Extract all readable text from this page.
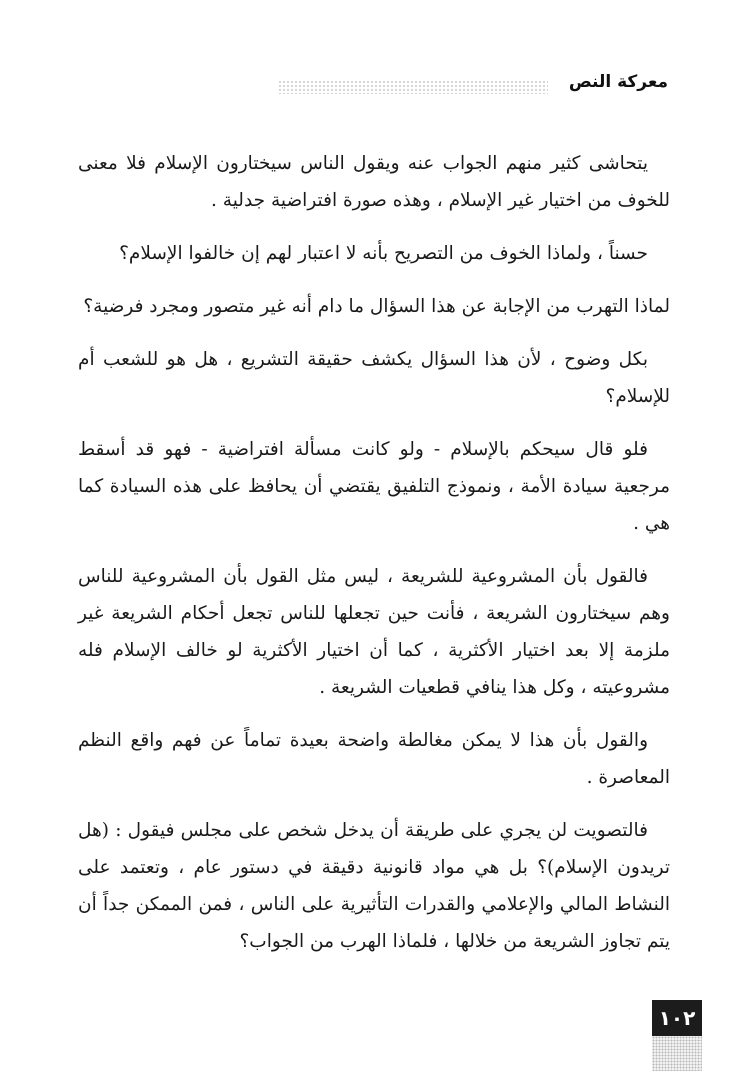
معركة النص

يتحاشى كثير منهم الجواب عنه ويقول الناس سيختارون الإسلام فلا معنى للخوف من اختيار غير الإسلام ، وهذه صورة افتراضية جدلية .

حسناً ، ولماذا الخوف من التصريح بأنه لا اعتبار لهم إن خالفوا الإسلام؟

لماذا التهرب من الإجابة عن هذا السؤال ما دام أنه غير متصور ومجرد فرضية؟

بكل وضوح ، لأن هذا السؤال يكشف حقيقة التشريع ، هل هو للشعب أم للإسلام؟

فلو قال سيحكم بالإسلام - ولو كانت مسألة افتراضية - فهو قد أسقط مرجعية سيادة الأمة ، ونموذج التلفيق يقتضي أن يحافظ على هذه السيادة كما هي .

فالقول بأن المشروعية للشريعة ، ليس مثل القول بأن المشروعية للناس وهم سيختارون الشريعة ، فأنت حين تجعلها للناس تجعل أحكام الشريعة غير ملزمة إلا بعد اختيار الأكثرية ، كما أن اختيار الأكثرية لو خالف الإسلام فله مشروعيته ، وكل هذا ينافي قطعيات الشريعة .

والقول بأن هذا لا يمكن مغالطة واضحة بعيدة تماماً عن فهم واقع النظم المعاصرة .

فالتصويت لن يجري على طريقة أن يدخل شخص على مجلس فيقول : (هل تريدون الإسلام)؟ بل هي مواد قانونية دقيقة في دستور عام ، وتعتمد على النشاط المالي والإعلامي والقدرات التأثيرية على الناس ، فمن الممكن جداً أن يتم تجاوز الشريعة من خلالها ، فلماذا الهرب من الجواب؟

١٠٢
